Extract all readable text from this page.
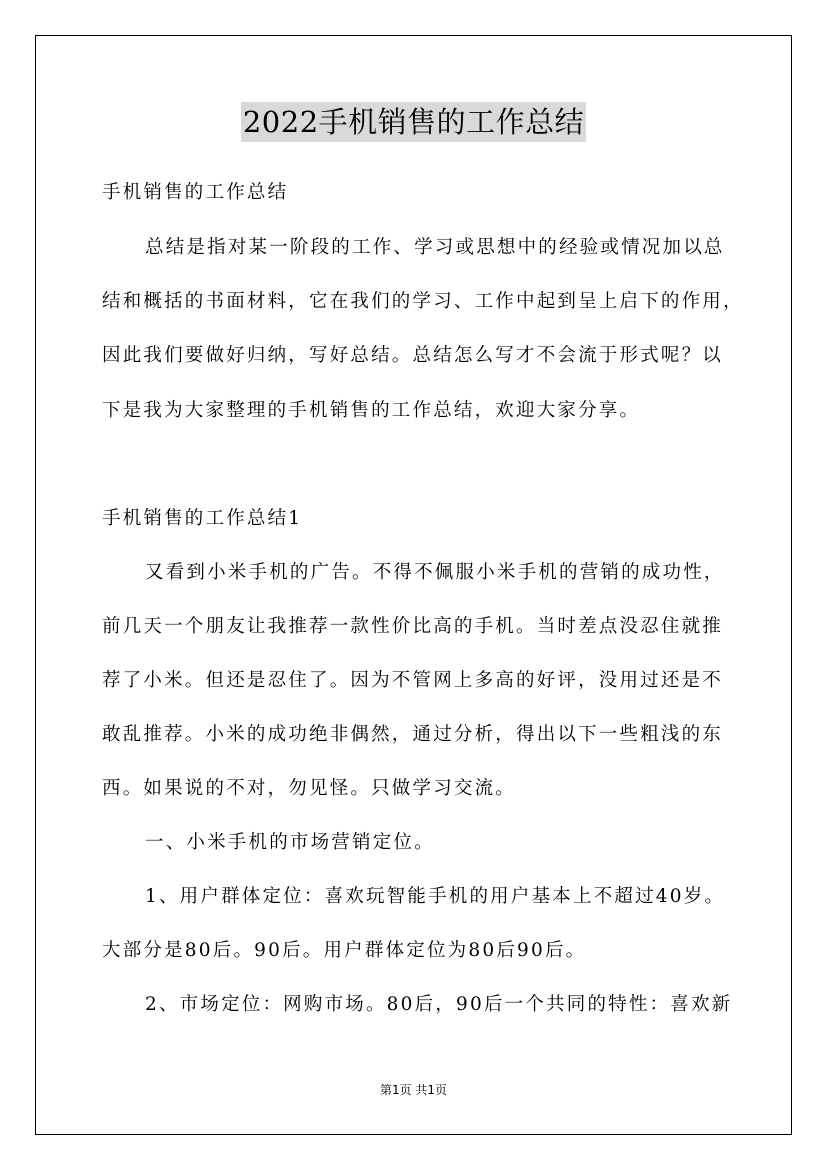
2022手机销售的工作总结
手机销售的工作总结
总结是指对某一阶段的工作、学习或思想中的经验或情况加以总
结和概括的书面材料，它在我们的学习、工作中起到呈上启下的作用，
因此我们要做好归纳，写好总结。总结怎么写才不会流于形式呢？以
下是我为大家整理的手机销售的工作总结，欢迎大家分享。
手机销售的工作总结1
又看到小米手机的广告。不得不佩服小米手机的营销的成功性，
前几天一个朋友让我推荐一款性价比高的手机。当时差点没忍住就推
荐了小米。但还是忍住了。因为不管网上多高的好评，没用过还是不
敢乱推荐。小米的成功绝非偶然，通过分析，得出以下一些粗浅的东
西。如果说的不对，勿见怪。只做学习交流。
一、小米手机的市场营销定位。
1、用户群体定位：喜欢玩智能手机的用户基本上不超过40岁。
大部分是80后。90后。用户群体定位为80后90后。
2、市场定位：网购市场。80后，90后一个共同的特性：喜欢新
第1页 共1页
